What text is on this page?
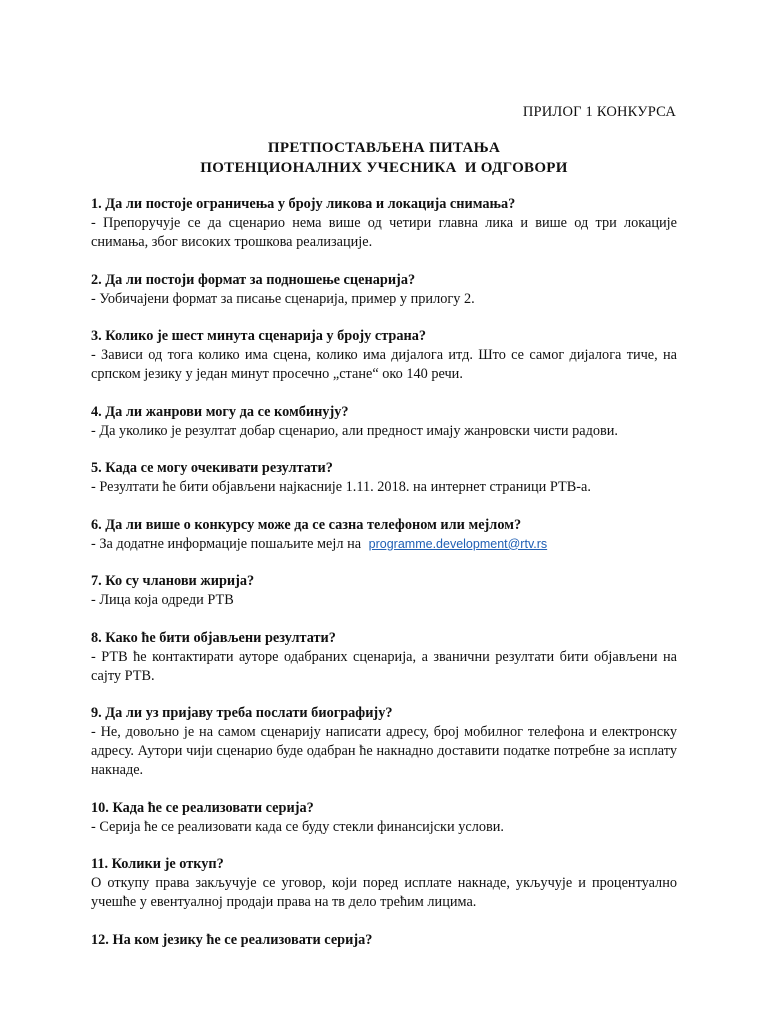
ПРИЛОГ 1 КОНКУРСА
ПРЕТПОСТАВЉЕНА ПИТАЊА
ПОТЕНЦИОНАЛНИХ УЧЕСНИКА  И ОДГОВОРИ
1. Да ли постоје ограничења у броју ликова и локација снимања?
- Препоручује се да сценарио нема више од четири главна лика и више од три локације снимања, због високих трошкова реализације.
2. Да ли постоји формат за подношење сценарија?
- Уобичајени формат за писање сценарија, пример у прилогу 2.
3. Колико је шест минута сценарија у броју страна?
- Зависи од тога колико има сцена, колико има дијалога итд. Што се самог дијалога тиче, на српском језику у један минут просечно „стане“ око 140 речи.
4. Да ли жанрови могу да се комбинују?
- Да уколико је резултат добар сценарио, али предност имају жанровски чисти радови.
5. Када се могу очекивати резултати?
- Резултати ће бити објављени најкасније 1.11. 2018. на интернет страници РТВ-а.
6. Да ли више о конкурсу може да се сазна телефоном или мејлом?
- За додатне информације пошаљите мејл на programme.development@rtv.rs
7. Ко су чланови жирија?
- Лица која одреди РТВ
8. Како ће бити објављени резултати?
- РТВ ће контактирати ауторе одабраних сценарија, а званични резултати бити објављени на сајту РТВ.
9. Да ли уз пријаву треба послати биографију?
- Не, довољно је на самом сценарију написати адресу, број мобилног телефона и електронску адресу. Аутори чији сценарио буде одабран ће накнадно доставити податке потребне за исплату накнаде.
10. Када ће се реализовати серија?
- Серија ће се реализовати када се буду стекли финансијски услови.
11. Колики је откуп?
О откупу права закључује се уговор, који поред исплате накнаде, укључује и процентуално учешће у евентуалној продаји права на тв дело трећим лицима.
12. На ком језику ће се реализовати серија?
